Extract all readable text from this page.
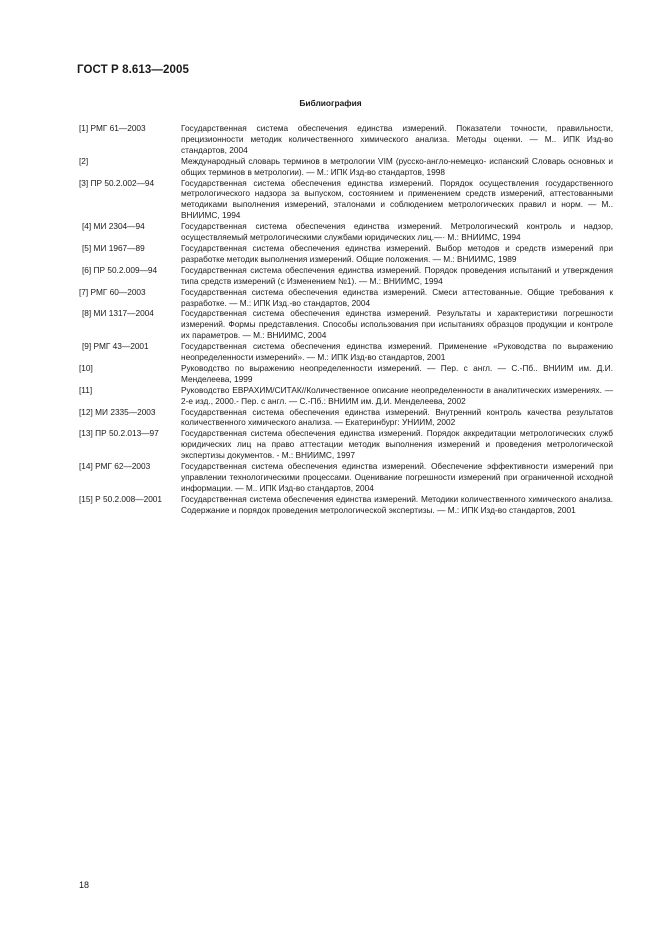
ГОСТ Р 8.613—2005
Библиография
[1] РМГ 61—2003	Государственная система обеспечения единства измерений. Показатели точности, правильности, прецизионности методик количественного химического анализа. Методы оценки. — М.. ИПК Изд-во стандартов, 2004
[2]	Международный словарь терминов в метрологии VIM (русско-англо-немецко- испанский Словарь основных и общих терминов в метрологии). — М.: ИПК Изд-во стандартов, 1998
[3] ПР 50.2.002—94	Государственная система обеспечения единства измерений. Порядок осуществления государственного метрологического надзора за выпуском, состоянием и применением средств измерений, аттестованными методиками выполнения измерений, эталонами и соблюдением метрологических правил и норм. — М.. ВНИИМС, 1994
[4] МИ 2304—94	Государственная система обеспечения единства измерений. Метрологический контроль и надзор, осуществляемый метрологическими службами юридических лиц.—· М.: ВНИИМС, 1994
[5] МИ 1967—89	Государственная система обеспечения единства измерений. Выбор методов и средств измерений при разработке методик выполнения измерений. Общие положения. — М.: ВНИИМС, 1989
[6] ПР 50.2.009—94	Государственная система обеспечения единства измерений. Порядок проведения испытаний и утверждения типа средств измерений (с Изменением №1). — М.: ВНИИМС, 1994
[7] РМГ 60—2003	Государственная система обеспечения единства измерений. Смеси аттестованные. Общие требования к разработке. — М.: ИПК Изд.-во стандартов, 2004
[8] МИ 1317—2004	Государственная система обеспечения единства измерений. Результаты и характеристики погрешности измерений. Формы представления. Способы использования при испытаниях образцов продукции и контроле их параметров. — М.: ВНИИМС, 2004
[9] РМГ 43—2001	Государственная система обеспечения единства измерений. Применение «Руководства по выражению неопределенности измерений». — М.: ИПК Изд-во стандартов, 2001
[10]	Руководство по выражению неопределенности измерений. — Пер. с англ. — С.-Пб.. ВНИИМ им. Д.И. Менделеева, 1999
[11]	Руководство ЕВРАХИМ/СИТАК//Количественное описание неопределенности в аналитических измерениях. — 2-е изд., 2000.- Пер. с англ. — С.-Пб.: ВНИИМ им. Д.И. Менделеева, 2002
[12] МИ 2335—2003	Государственная система обеспечения единства измерений. Внутренний контроль качества результатов количественного химического анализа. — Екатеринбург: УНИИМ, 2002
[13] ПР 50.2.013—97	Государственная система обеспечения единства измерений. Порядок аккредитации метрологических служб юридических лиц на право аттестации методик выполнения измерений и проведения метрологической экспертизы документов. - М.: ВНИИМС, 1997
[14] РМГ 62—2003	Государственная система обеспечения единства измерений. Обеспечение эффективности измерений при управлении технологическими процессами. Оценивание погрешности измерений при ограниченной исходной информации. — М.. ИПК Изд-во стандартов, 2004
[15] Р 50.2.008—2001	Государственная система обеспечения единства измерений. Методики количественного химического анализа. Содержание и порядок проведения метрологической экспертизы. — М.: ИПК Изд-во стандартов, 2001
18
